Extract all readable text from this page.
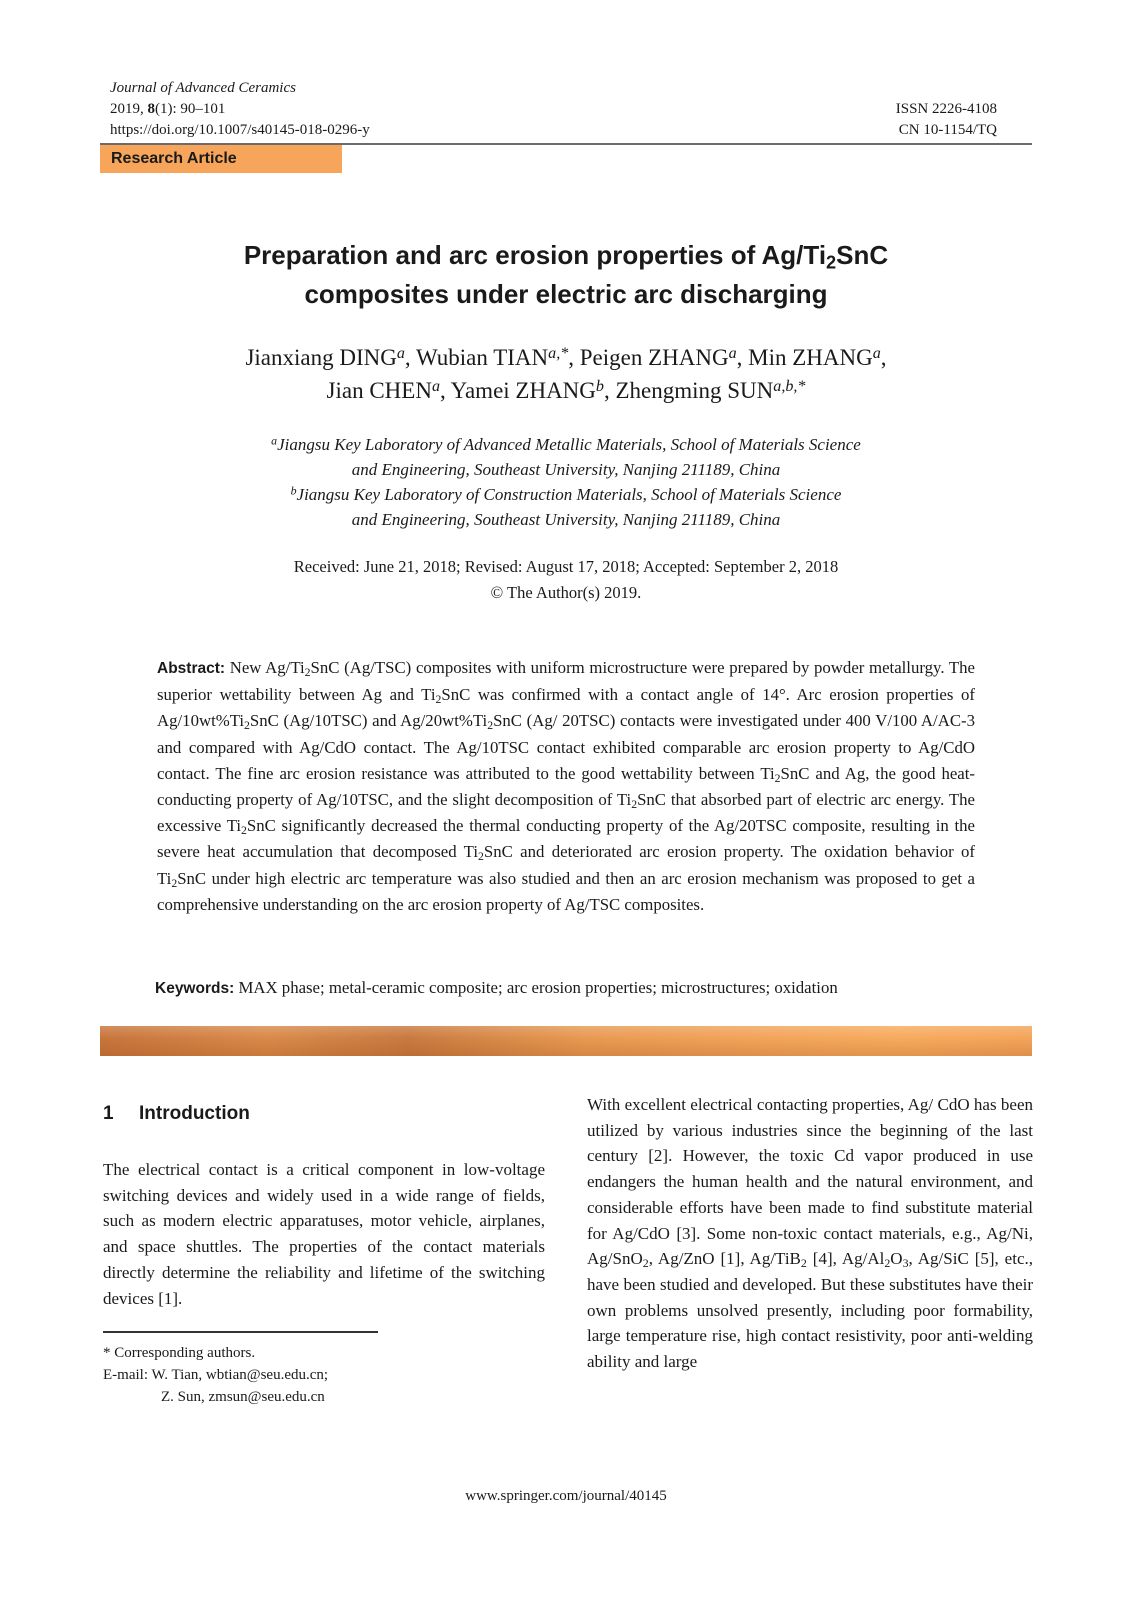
Journal of Advanced Ceramics
2019, 8(1): 90–101
https://doi.org/10.1007/s40145-018-0296-y
ISSN 2226-4108
CN 10-1154/TQ
Research Article
Preparation and arc erosion properties of $Ag/Ti_2SnC$
composites under electric arc discharging
Jianxiang DING$^a$, Wubian $TIAN^{a,*}$, Peigen ZHANG$^a$, Min ZHANG$^a$,
Jian CHEN$^a$, Yamei ZHANG$^b$, Zhengming $SUN^{a,b,*}$
$^a$Jiangsu Key Laboratory of Advanced Metallic Materials, School of Materials Science
and Engineering, Southeast University, Nanjing 211189, China
$^b$Jiangsu Key Laboratory of Construction Materials, School of Materials Science
and Engineering, Southeast University, Nanjing 211189, China
Received: June 21, 2018; Revised: August 17, 2018; Accepted: September 2, 2018
© The Author(s) 2019.
Abstract: New $Ag/Ti_2SnC$ (Ag/TSC) composites with uniform microstructure were prepared by powder metallurgy. The superior wettability between Ag and $Ti_2SnC$ was confirmed with a contact angle of 14°. Arc erosion properties of $Ag/10wt\%Ti_2SnC$ (Ag/10TSC) and $Ag/20wt\%Ti_2SnC$ (Ag/ 20TSC) contacts were investigated under 400 V/100 A/AC-3 and compared with Ag/CdO contact. The Ag/10TSC contact exhibited comparable arc erosion property to Ag/CdO contact. The fine arc erosion resistance was attributed to the good wettability between $Ti_2SnC$ and Ag, the good heat-conducting property of Ag/10TSC, and the slight decomposition of $Ti_2SnC$ that absorbed part of electric arc energy. The excessive $Ti_2SnC$ significantly decreased the thermal conducting property of the Ag/20TSC composite, resulting in the severe heat accumulation that decomposed $Ti_2SnC$ and deteriorated arc erosion property. The oxidation behavior of $Ti_2SnC$ under high electric arc temperature was also studied and then an arc erosion mechanism was proposed to get a comprehensive understanding on the arc erosion property of Ag/TSC composites.
Keywords: MAX phase; metal-ceramic composite; arc erosion properties; microstructures; oxidation
1 Introduction
The electrical contact is a critical component in low-voltage switching devices and widely used in a wide range of fields, such as modern electric apparatuses, motor vehicle, airplanes, and space shuttles. The properties of the contact materials directly determine the reliability and lifetime of the switching devices [1].
* Corresponding authors.
E-mail: W. Tian, wbtian@seu.edu.cn;
Z. Sun, zmsun@seu.edu.cn
With excellent electrical contacting properties, Ag/ CdO has been utilized by various industries since the beginning of the last century [2]. However, the toxic Cd vapor produced in use endangers the human health and the natural environment, and considerable efforts have been made to find substitute material for Ag/CdO [3]. Some non-toxic contact materials, e.g., Ag/Ni, Ag/SnO$_2$, Ag/ZnO [1], Ag/TiB$_2$ [4], $Ag/Al_2O_3$, Ag/SiC [5], etc., have been studied and developed. But these substitutes have their own problems unsolved presently, including poor formability, large temperature rise, high contact resistivity, poor anti-welding ability and large
www.springer.com/journal/40145
